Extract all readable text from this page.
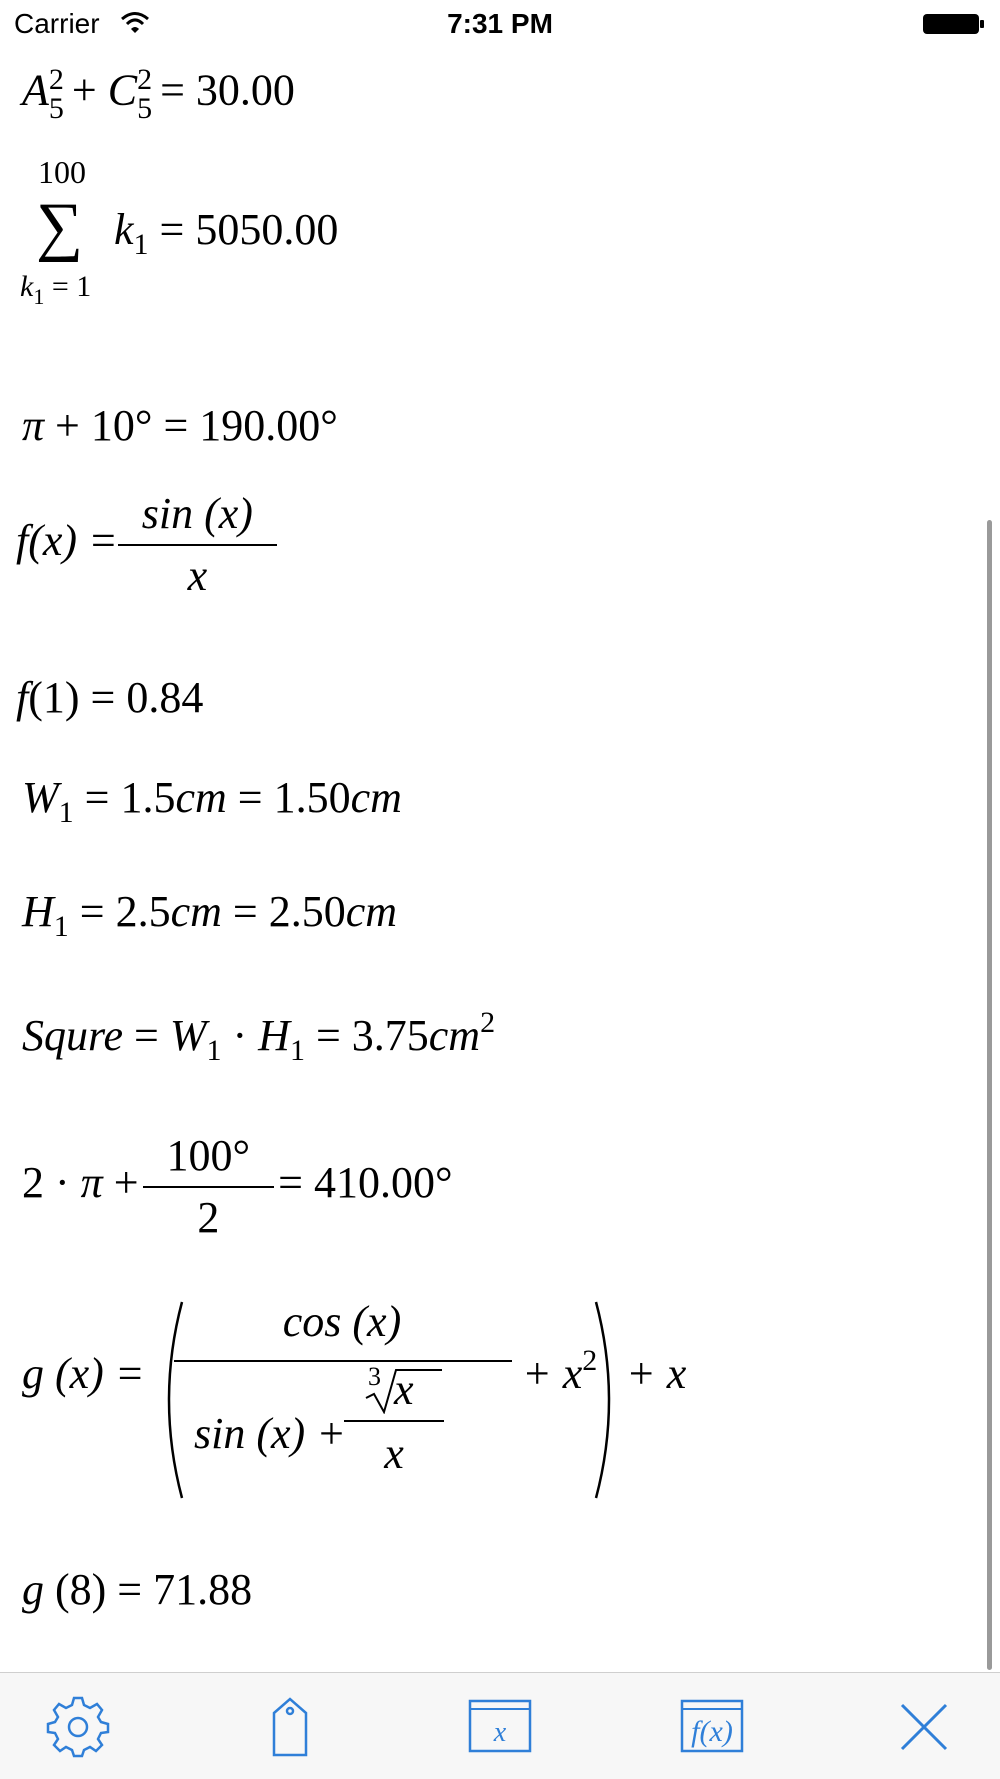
Carrier	7:31 PM
A 2
5 + C 2
5 = 30.00
100
∑
$k_1 = 1$
$k_1 = 5050.00$
π + 10° = 190.00°
$f(x) = \frac{\sin (x)}{x}$
f(1) = 0.84
$W_1 = 1.5cm = 1.50cm$
$H_1 = 2.5cm = 2.50cm$
Squre = $W_1 \cdot H_1 = 3.75cm^2$
$2 \cdot \pi + \frac{100^\circ}{2} = 410.00^\circ$
g (x) =
cos (x)
sin (x) +
3 x
x
+ $x^2 + x$
g (8) = 71.88
x	f(x)
